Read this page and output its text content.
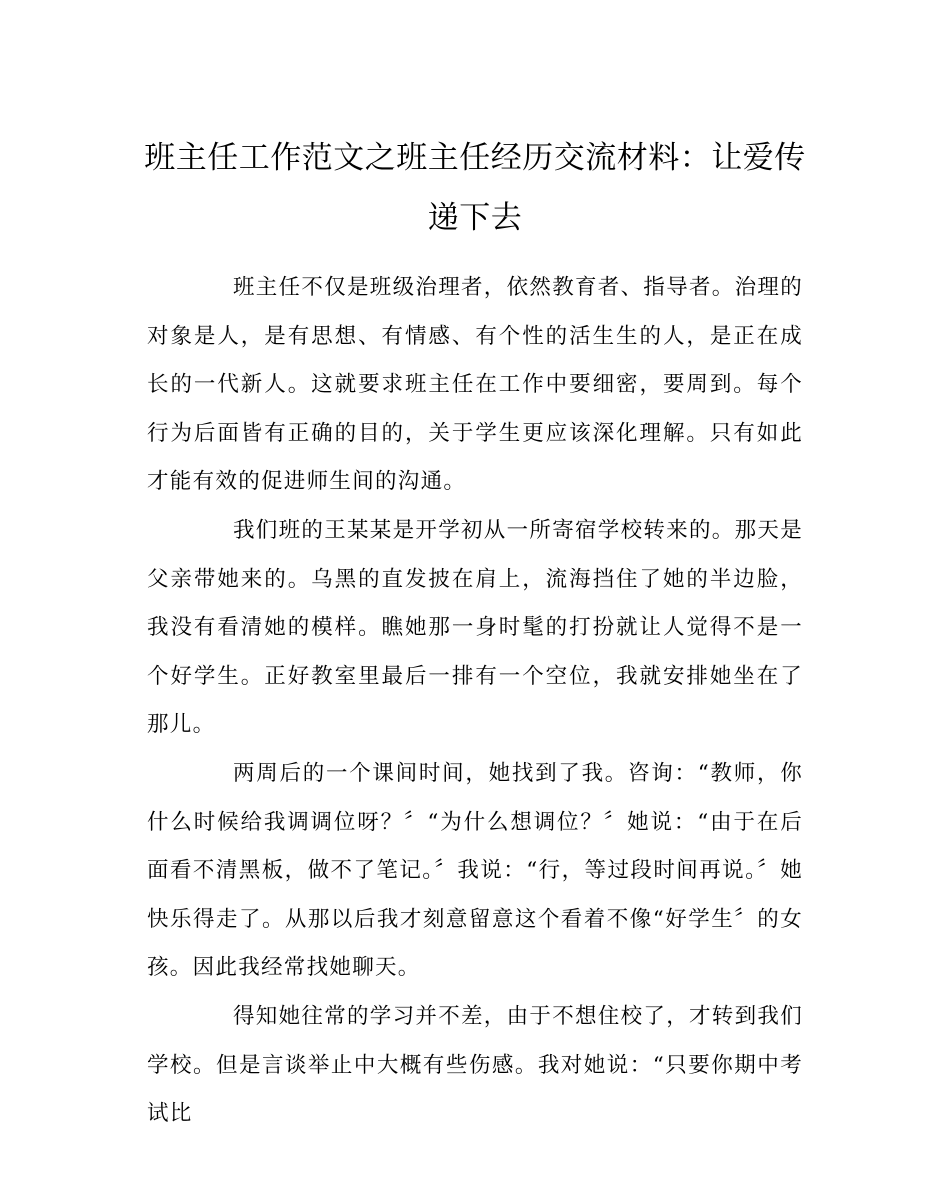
班主任工作范文之班主任经历交流材料：让爱传递下去

班主任不仅是班级治理者，依然教育者、指导者。治理的对象是人，是有思想、有情感、有个性的活生生的人，是正在成长的一代新人。这就要求班主任在工作中要细密，要周到。每个行为后面皆有正确的目的，关于学生更应该深化理解。只有如此才能有效的促进师生间的沟通。

我们班的王某某是开学初从一所寄宿学校转来的。那天是父亲带她来的。乌黑的直发披在肩上，流海挡住了她的半边脸，我没有看清她的模样。瞧她那一身时髦的打扮就让人觉得不是一个好学生。正好教室里最后一排有一个空位，我就安排她坐在了那儿。

两周后的一个课间时间，她找到了我。咨询：“教师，你什么时候给我调调位呀？〞“为什么想调位？〞她说：“由于在后面看不清黑板，做不了笔记。〞我说：“行，等过段时间再说。〞她快乐得走了。从那以后我才刻意留意这个看着不像“好学生〞的女孩。因此我经常找她聊天。

得知她往常的学习并不差，由于不想住校了，才转到我们学校。但是言谈举止中大概有些伤感。我对她说：“只要你期中考试比
